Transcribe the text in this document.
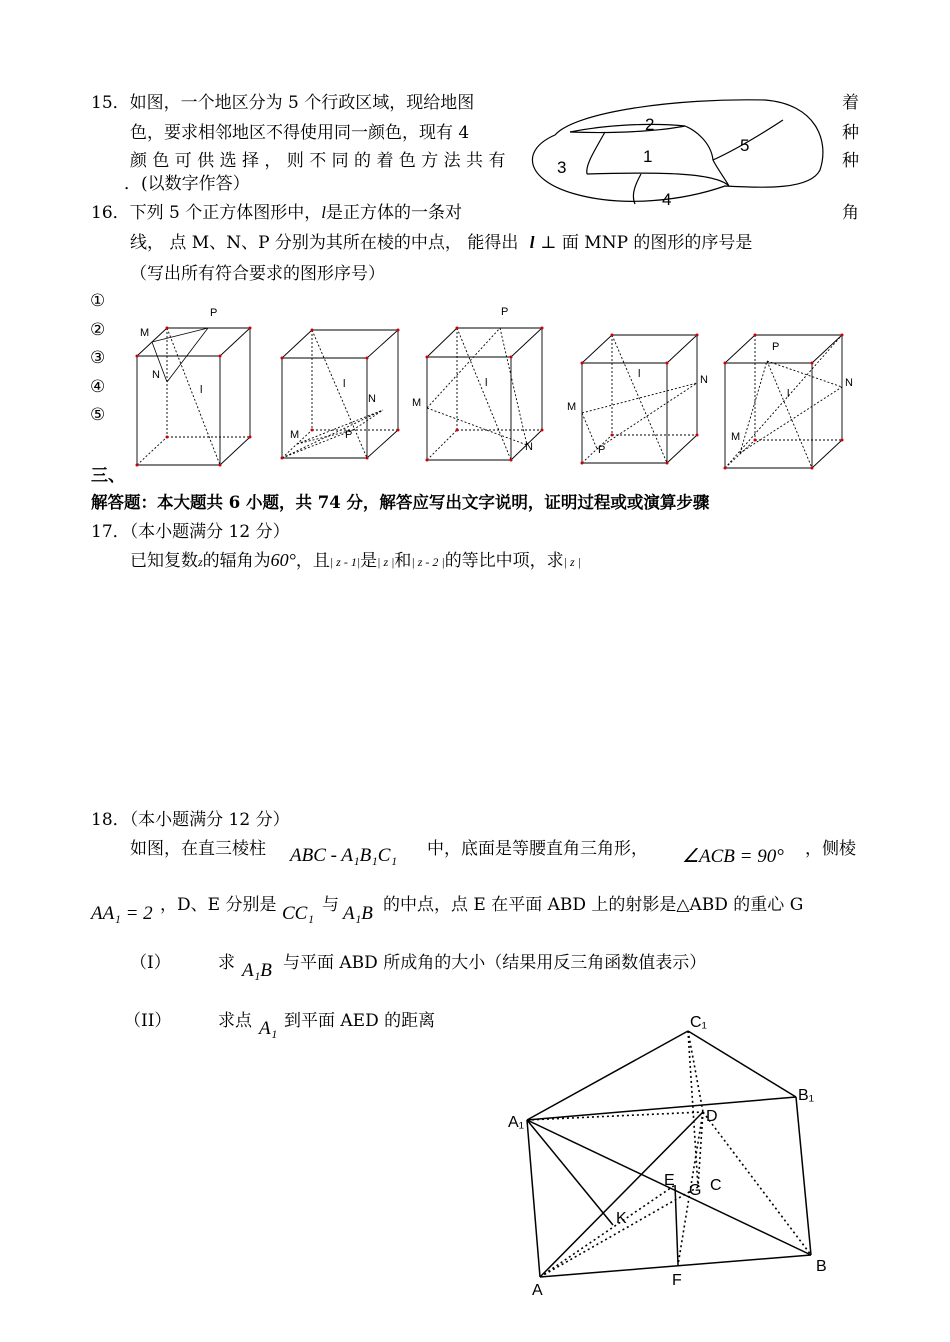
15．如图，一个地区分为 5 个行政区域，现给地图
色，要求相邻地区不得使用同一颜色，现有 4
颜 色 可 供 选 择 ， 则 不 同 的 着 色 方 法 共 有
．(以数字作答）
着
种
种
2
1
5
3
4
16．下列 5 个正方体图形中，l是正方体的一条对	角
线， 点 M、N、P 分别为其所在棱的中点， 能得出 l ⊥ 面 MNP 的图形的序号是
（写出所有符合要求的图形序号）
①
②
③
④
⑤
M
P
N
l
N
M	P
l
P
M
N
l	N
M
P
l
P
N
M
l
三、
解答题：本大题共 6 小题，共 74 分，解答应写出文字说明，证明过程或或演算步骤
17．（本小题满分 12 分）
已知复数z的辐角为60°，且| z - 1|是| z |和| z - 2 |的等比中项，求| z |
18．（本小题满分 12 分）
如图，在直三棱柱 ABC - A₁B₁C₁ 中，底面是等腰直角三角形， ∠ACB = 90° ，侧棱
AA₁ = 2 ，D、E 分别是 CC₁ 与 A₁B 的中点，点 E 在平面 ABD 上的射影是△ABD 的重心 G
（I）	求 A₁B 与平面 ABD 所成角的大小（结果用反三角函数值表示）
（II）	求点 A₁ 到平面 AED 的距离	C₁
B₁
A₁	D
E
G C
K
A
B
F
